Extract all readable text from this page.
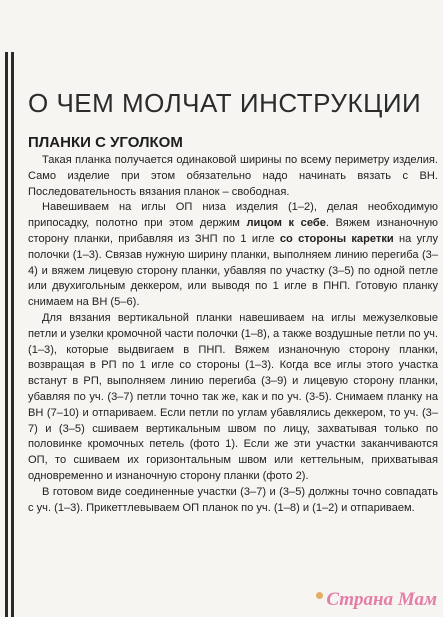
О ЧЕМ МОЛЧАТ ИНСТРУКЦИИ
ПЛАНКИ С УГОЛКОМ

Такая планка получается одинаковой ширины по всему периметру изделия. Само изделие при этом обязательно надо начинать вязать с ВН. Последовательность вязания планок – свободная.

Навешиваем на иглы ОП низа изделия (1–2), делая необходимую припосадку, полотно при этом держим лицом к себе. Вяжем изнаночную сторону планки, прибавляя из ЗНП по 1 игле со стороны каретки на углу полочки (1–3). Связав нужную ширину планки, выполняем линию перегиба (3–4) и вяжем лицевую сторону планки, убавляя по участку (3–5) по одной петле или двухигольным деккером, или выводя по 1 игле в ПНП. Готовую планку снимаем на ВН (5–6).

Для вязания вертикальной планки навешиваем на иглы межузелковые петли и узелки кромочной части полочки (1–8), а также воздушные петли по уч. (1–3), которые выдвигаем в ПНП. Вяжем изнаночную сторону планки, возвращая в РП по 1 игле со стороны (1–3). Когда все иглы этого участка встанут в РП, выполняем линию перегиба (3–9) и лицевую сторону планки, убавляя по уч. (3–7) петли точно так же, как и по уч. (3-5). Снимаем планку на ВН (7–10) и отпариваем. Если петли по углам убавлялись деккером, то уч. (3–7) и (3–5) сшиваем вертикальным швом по лицу, захватывая только по половинке кромочных петель (фото 1). Если же эти участки заканчиваются ОП, то сшиваем их горизонтальным швом или кеттельным, прихватывая одновременно и изнаночную сторону планки (фото 2).

В готовом виде соединенные участки (3–7) и (3–5) должны точно совпадать с уч. (1–3). Прикеттлевываем ОП планок по уч. (1–8) и (1–2) и отпариваем.

Страна Мам
